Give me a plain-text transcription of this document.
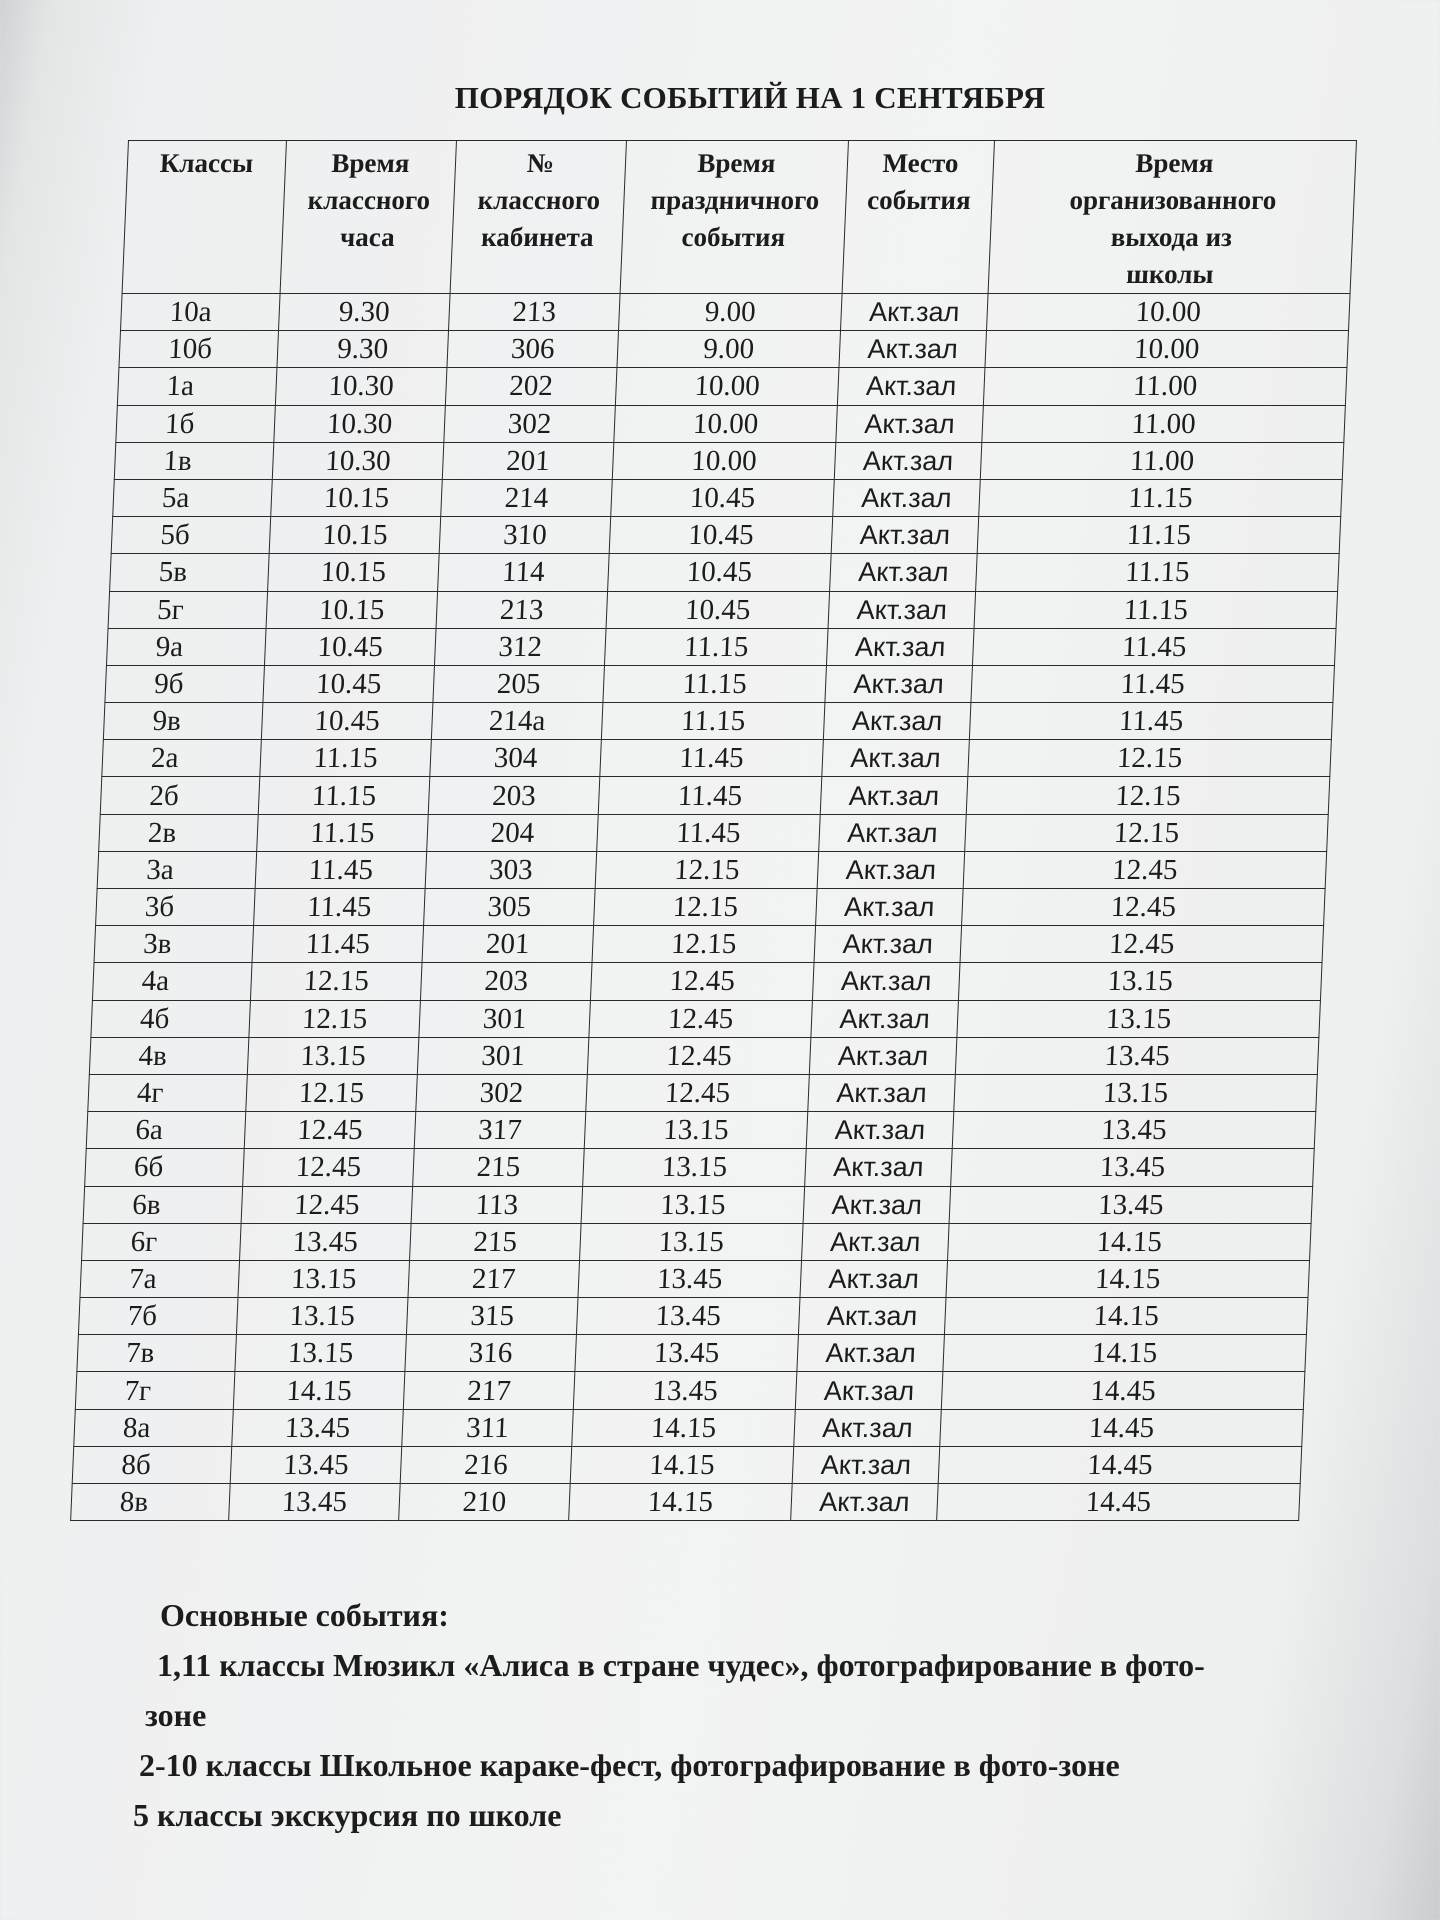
ПОРЯДОК СОБЫТИЙ НА 1 СЕНТЯБРЯ
Классы	Время
классного
часа	№
классного
кабинета	Время
праздничного
события	Место
события	Время
организованного
выхода из
школы

10а	9.30	213	9.00	Акт.зал	10.00
10б	9.30	306	9.00	Акт.зал	10.00
1а	10.30	202	10.00	Акт.зал	11.00
1б	10.30	302	10.00	Акт.зал	11.00
1в	10.30	201	10.00	Акт.зал	11.00
5а	10.15	214	10.45	Акт.зал	11.15
5б	10.15	310	10.45	Акт.зал	11.15
5в	10.15	114	10.45	Акт.зал	11.15
5г	10.15	213	10.45	Акт.зал	11.15
9а	10.45	312	11.15	Акт.зал	11.45
9б	10.45	205	11.15	Акт.зал	11.45
9в	10.45	214а	11.15	Акт.зал	11.45
2а	11.15	304	11.45	Акт.зал	12.15
2б	11.15	203	11.45	Акт.зал	12.15
2в	11.15	204	11.45	Акт.зал	12.15
3а	11.45	303	12.15	Акт.зал	12.45
3б	11.45	305	12.15	Акт.зал	12.45
3в	11.45	201	12.15	Акт.зал	12.45
4а	12.15	203	12.45	Акт.зал	13.15
4б	12.15	301	12.45	Акт.зал	13.15
4в	13.15	301	12.45	Акт.зал	13.45
4г	12.15	302	12.45	Акт.зал	13.15
6а	12.45	317	13.15	Акт.зал	13.45
6б	12.45	215	13.15	Акт.зал	13.45
6в	12.45	113	13.15	Акт.зал	13.45
6г	13.45	215	13.15	Акт.зал	14.15
7а	13.15	217	13.45	Акт.зал	14.15
7б	13.15	315	13.45	Акт.зал	14.15
7в	13.15	316	13.45	Акт.зал	14.15
7г	14.15	217	13.45	Акт.зал	14.45
8а	13.45	311	14.15	Акт.зал	14.45
8б	13.45	216	14.15	Акт.зал	14.45
8в	13.45	210	14.15	Акт.зал	14.45
Основные события:
1,11 классы Мюзикл «Алиса в стране чудес», фотографирование в фото-
зоне
2-10 классы Школьное караке-фест, фотографирование в фото-зоне
5 классы экскурсия по школе
